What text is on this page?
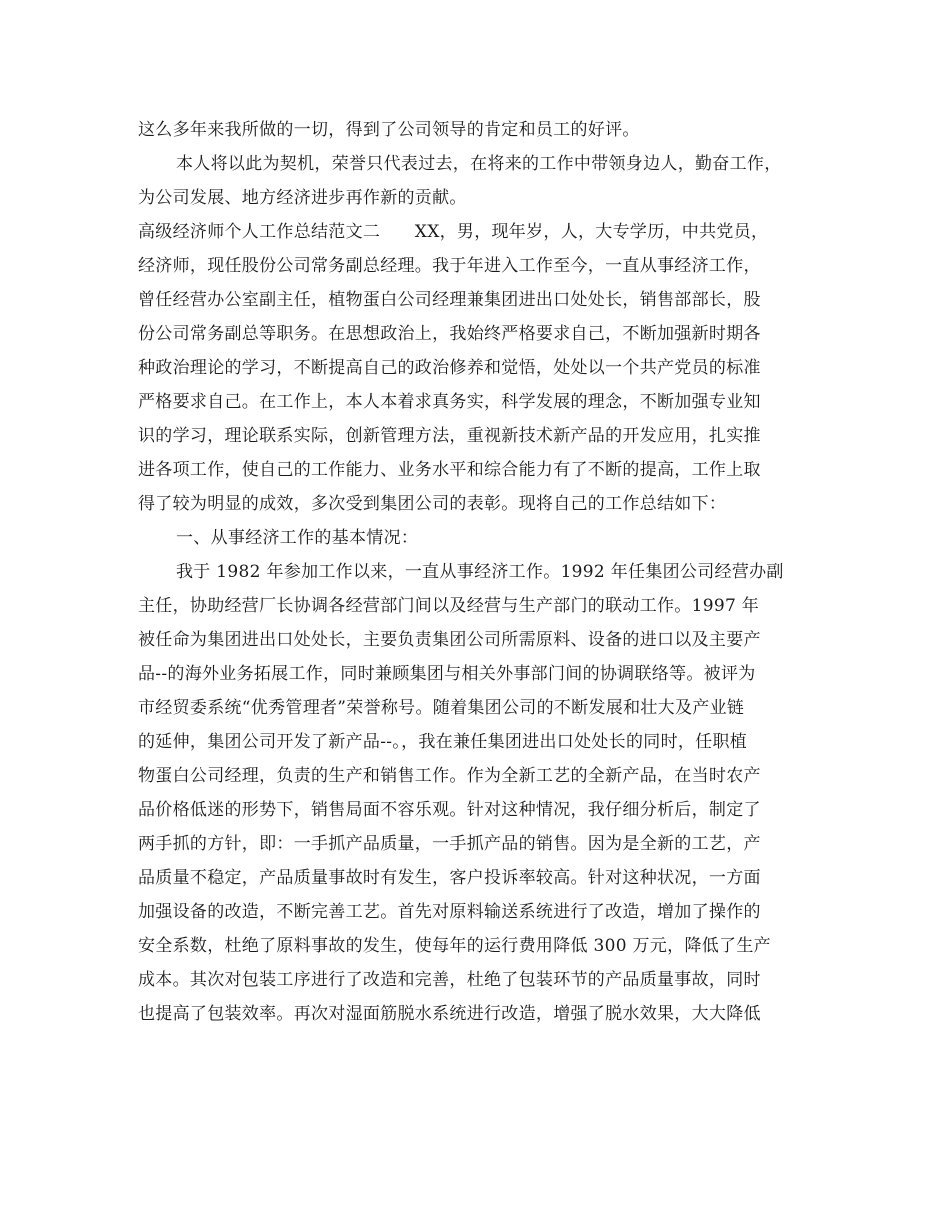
这么多年来我所做的一切，得到了公司领导的肯定和员工的好评。
本人将以此为契机，荣誉只代表过去，在将来的工作中带领身边人，勤奋工作，
为公司发展、地方经济进步再作新的贡献。
高级经济师个人工作总结范文二　　XX，男，现年岁，人，大专学历，中共党员，
经济师，现任股份公司常务副总经理。我于年进入工作至今，一直从事经济工作，
曾任经营办公室副主任，植物蛋白公司经理兼集团进出口处处长，销售部部长，股
份公司常务副总等职务。在思想政治上，我始终严格要求自己，不断加强新时期各
种政治理论的学习，不断提高自己的政治修养和觉悟，处处以一个共产党员的标准
严格要求自己。在工作上，本人本着求真务实，科学发展的理念，不断加强专业知
识的学习，理论联系实际，创新管理方法，重视新技术新产品的开发应用，扎实推
进各项工作，使自己的工作能力、业务水平和综合能力有了不断的提高，工作上取
得了较为明显的成效，多次受到集团公司的表彰。现将自己的工作总结如下：
一、从事经济工作的基本情况：
我于 1982 年参加工作以来，一直从事经济工作。1992 年任集团公司经营办副
主任，协助经营厂长协调各经营部门间以及经营与生产部门的联动工作。1997 年
被任命为集团进出口处处长，主要负责集团公司所需原料、设备的进口以及主要产
品--的海外业务拓展工作，同时兼顾集团与相关外事部门间的协调联络等。被评为
市经贸委系统“优秀管理者”荣誉称号。随着集团公司的不断发展和壮大及产业链
的延伸，集团公司开发了新产品--。，我在兼任集团进出口处处长的同时，任职植
物蛋白公司经理，负责的生产和销售工作。作为全新工艺的全新产品，在当时农产
品价格低迷的形势下，销售局面不容乐观。针对这种情况，我仔细分析后，制定了
两手抓的方针，即：一手抓产品质量，一手抓产品的销售。因为是全新的工艺，产
品质量不稳定，产品质量事故时有发生，客户投诉率较高。针对这种状况，一方面
加强设备的改造，不断完善工艺。首先对原料输送系统进行了改造，增加了操作的
安全系数，杜绝了原料事故的发生，使每年的运行费用降低 300 万元，降低了生产
成本。其次对包装工序进行了改造和完善，杜绝了包装环节的产品质量事故，同时
也提高了包装效率。再次对湿面筋脱水系统进行改造，增强了脱水效果，大大降低
